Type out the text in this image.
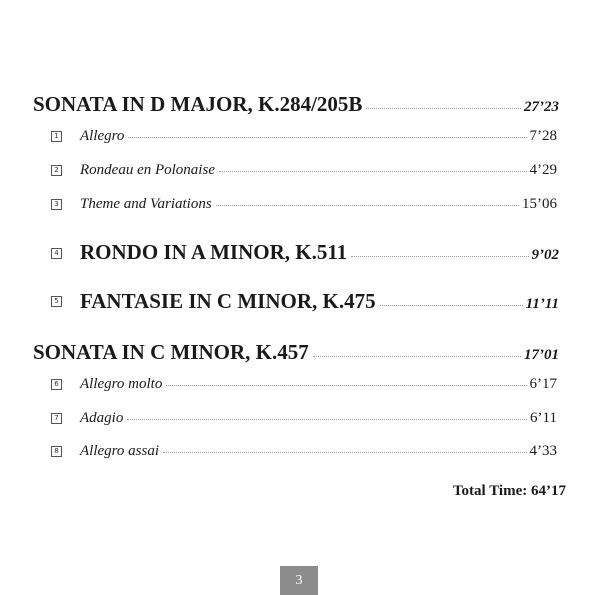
SONATA IN D MAJOR, K.284/205B	27’23
1 Allegro	7’28
2 Rondeau en Polonaise	4’29
3 Theme and Variations	15’06
4 RONDO IN A MINOR, K.511	9’02
5 FANTASIE IN C MINOR, K.475	11’11
SONATA IN C MINOR, K.457	17’01
6 Allegro molto	6’17
7 Adagio	6’11
8 Allegro assai	4’33
Total Time: 64’17
3
